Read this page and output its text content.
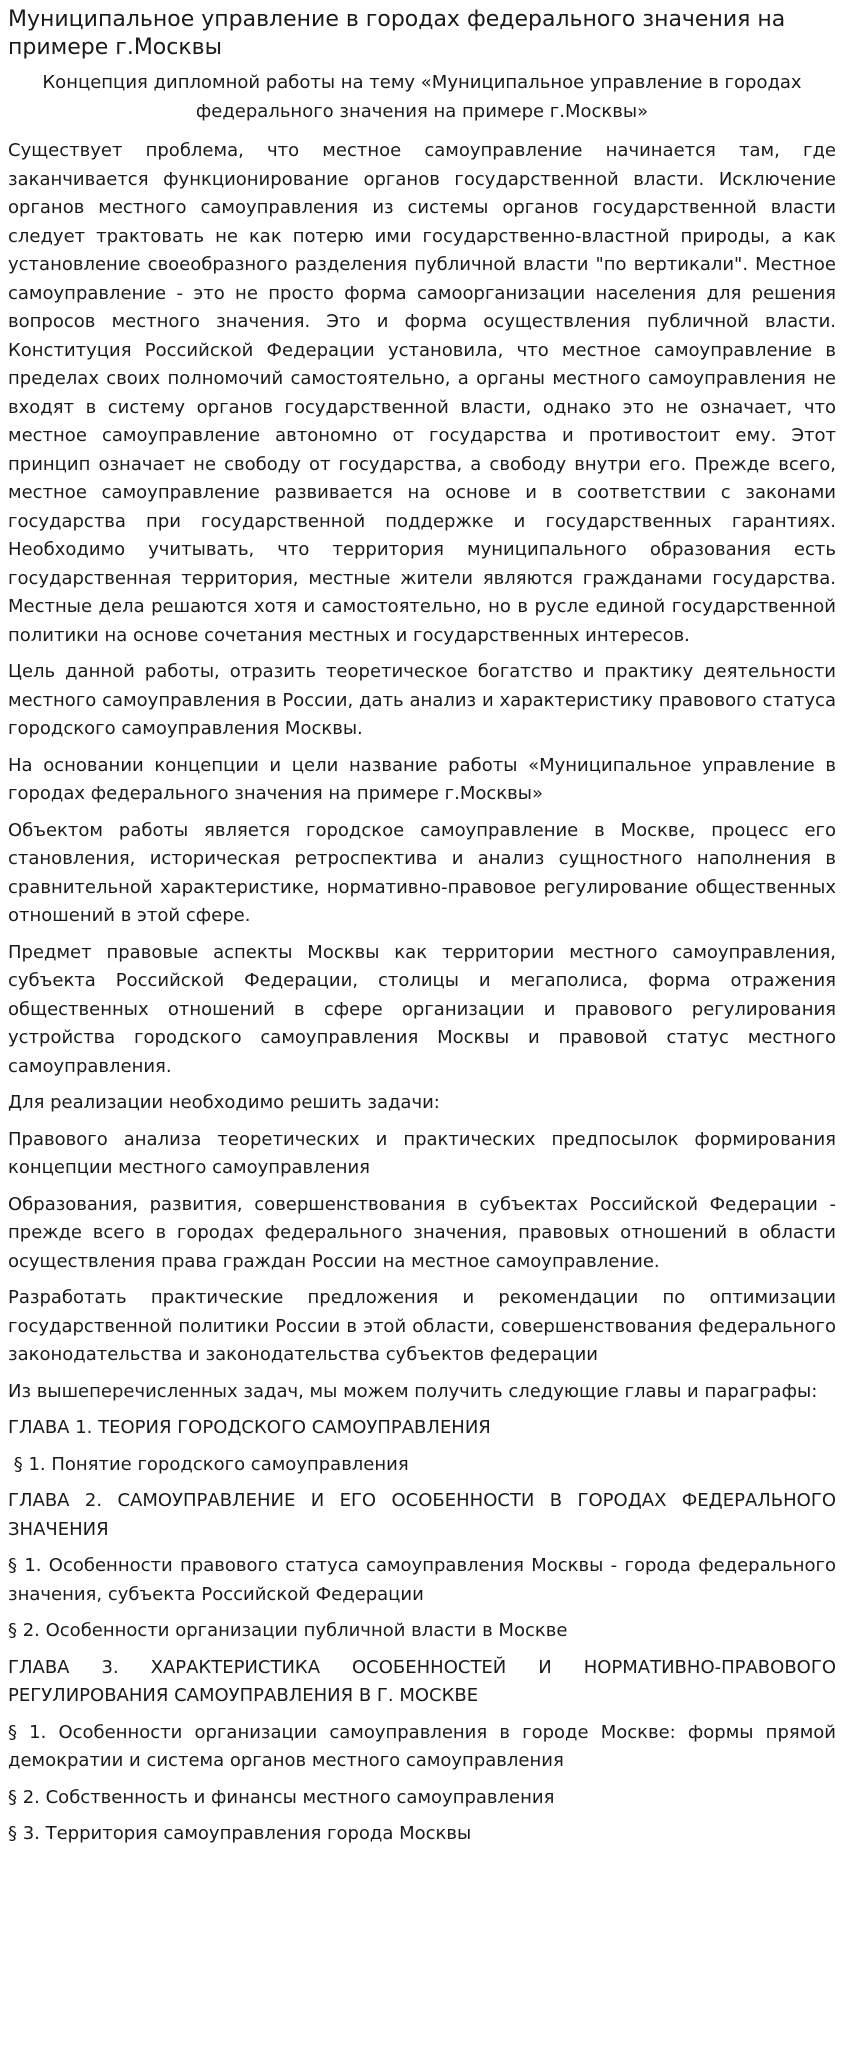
Муниципальное управление в городах федерального значения на примере г.Москвы
Концепция дипломной работы на тему «Муниципальное управление в городах федерального значения на примере г.Москвы»

Существует проблема, что местное самоуправление начинается там, где заканчивается функционирование органов государственной власти. Исключение органов местного самоуправления из системы органов государственной власти следует трактовать не как потерю ими государственно-властной природы, а как установление своеобразного разделения публичной власти "по вертикали". Местное самоуправление - это не просто форма самоорганизации населения для решения вопросов местного значения. Это и форма осуществления публичной власти. Конституция Российской Федерации установила, что местное самоуправление в пределах своих полномочий самостоятельно, а органы местного самоуправления не входят в систему органов государственной власти, однако это не означает, что местное самоуправление автономно от государства и противостоит ему. Этот принцип означает не свободу от государства, а свободу внутри его. Прежде всего, местное самоуправление развивается на основе и в соответствии с законами государства при государственной поддержке и государственных гарантиях. Необходимо учитывать, что территория муниципального образования есть государственная территория, местные жители являются гражданами государства. Местные дела решаются хотя и самостоятельно, но в русле единой государственной политики на основе сочетания местных и государственных интересов.

Цель данной работы, отразить теоретическое богатство и практику деятельности местного самоуправления в России, дать анализ и характеристику правового статуса городского самоуправления Москвы.

На основании концепции и цели название работы «Муниципальное управление в городах федерального значения на примере г.Москвы»

Объектом работы является городское самоуправление в Москве, процесс его становления, историческая ретроспектива и анализ сущностного наполнения в сравнительной характеристике, нормативно-правовое регулирование общественных отношений в этой сфере.

Предмет правовые аспекты Москвы как территории местного самоуправления, субъекта Российской Федерации, столицы и мегаполиса, форма отражения общественных отношений в сфере организации и правового регулирования устройства городского самоуправления Москвы и правовой статус местного самоуправления.

Для реализации необходимо решить задачи:

Правового анализа теоретических и практических предпосылок формирования концепции местного самоуправления

Образования, развития, совершенствования в субъектах Российской Федерации - прежде всего в городах федерального значения, правовых отношений в области осуществления права граждан России на местное самоуправление.

Разработать практические предложения и рекомендации по оптимизации государственной политики России в этой области, совершенствования федерального законодательства и законодательства субъектов федерации

Из вышеперечисленных задач, мы можем получить следующие главы и параграфы:

ГЛАВА 1. ТЕОРИЯ ГОРОДСКОГО САМОУПРАВЛЕНИЯ

§ 1. Понятие городского самоуправления

ГЛАВА 2. САМОУПРАВЛЕНИЕ И ЕГО ОСОБЕННОСТИ В ГОРОДАХ ФЕДЕРАЛЬНОГО ЗНАЧЕНИЯ

§ 1. Особенности правового статуса самоуправления Москвы - города федерального значения, субъекта Российской Федерации

§ 2. Особенности организации публичной власти в Москве

ГЛАВА 3. ХАРАКТЕРИСТИКА ОСОБЕННОСТЕЙ И НОРМАТИВНО-ПРАВОВОГО РЕГУЛИРОВАНИЯ САМОУПРАВЛЕНИЯ В Г. МОСКВЕ

§ 1. Особенности организации самоуправления в городе Москве: формы прямой демократии и система органов местного самоуправления

§ 2. Собственность и финансы местного самоуправления

§ 3. Территория самоуправления города Москвы
